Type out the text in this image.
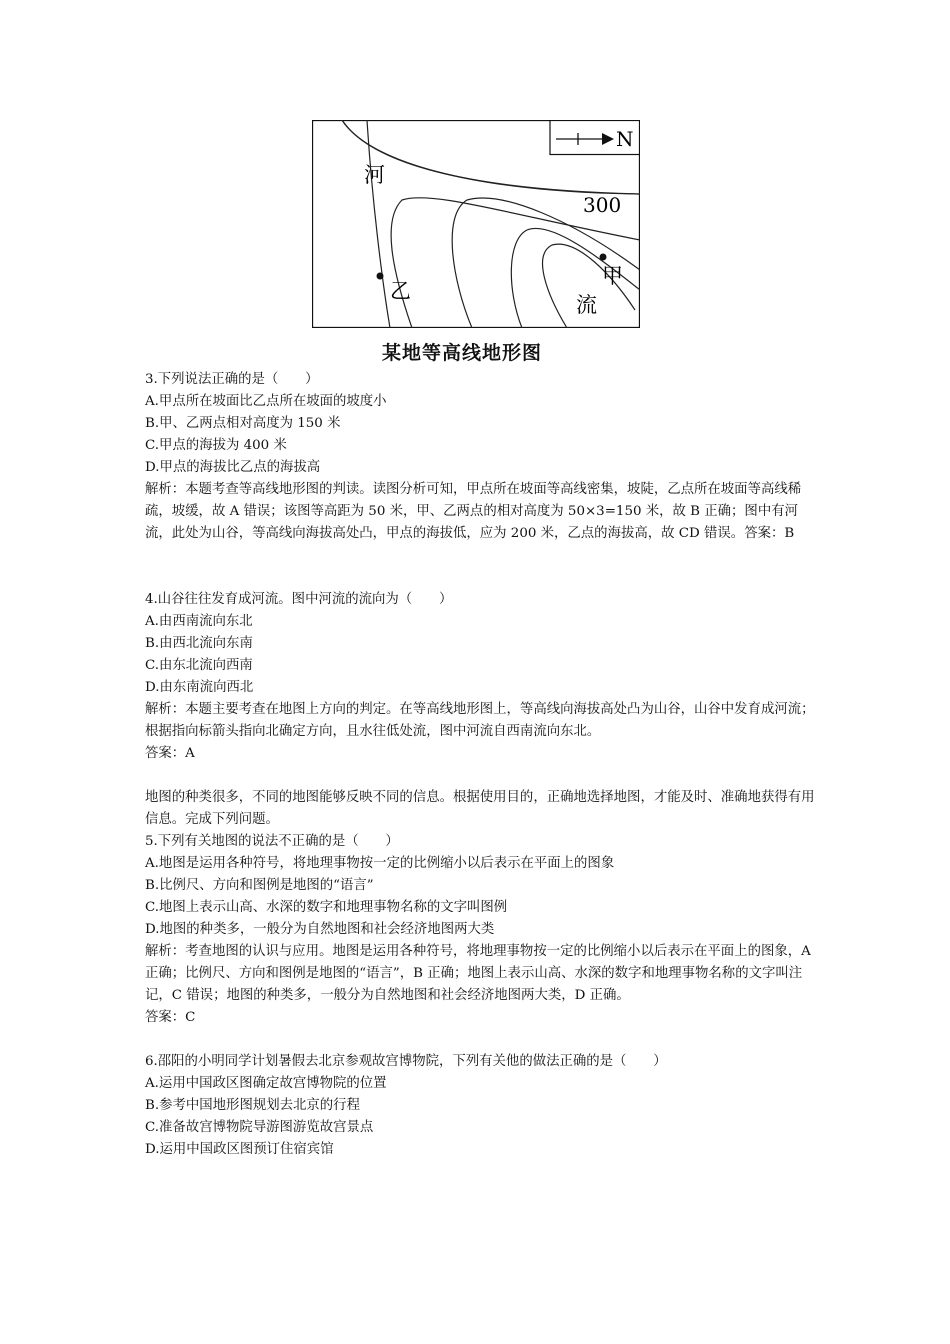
N
河
300
乙
甲
流
某地等高线地形图

3.下列说法正确的是（　　）

A.甲点所在坡面比乙点所在坡面的坡度小

B.甲、乙两点相对高度为 150 米

C.甲点的海拔为 400 米

D.甲点的海拔比乙点的海拔高

解析：本题考查等高线地形图的判读。读图分析可知，甲点所在坡面等高线密集，坡陡，乙点所在坡面等高线稀疏，坡缓，故 A 错误；该图等高距为 50 米，甲、乙两点的相对高度为 50×3=150 米，故 B 正确；图中有河流，此处为山谷，等高线向海拔高处凸，甲点的海拔低，应为 200 米，乙点的海拔高，故 CD 错误。答案：B

4.山谷往往发育成河流。图中河流的流向为（　　）

A.由西南流向东北

B.由西北流向东南

C.由东北流向西南

D.由东南流向西北

解析：本题主要考查在地图上方向的判定。在等高线地形图上，等高线向海拔高处凸为山谷，山谷中发育成河流；根据指向标箭头指向北确定方向，且水往低处流，图中河流自西南流向东北。

答案：A

地图的种类很多，不同的地图能够反映不同的信息。根据使用目的，正确地选择地图，才能及时、准确地获得有用信息。完成下列问题。

5.下列有关地图的说法不正确的是（　　）

A.地图是运用各种符号，将地理事物按一定的比例缩小以后表示在平面上的图象

B.比例尺、方向和图例是地图的“语言”

C.地图上表示山高、水深的数字和地理事物名称的文字叫图例

D.地图的种类多，一般分为自然地图和社会经济地图两大类

解析：考查地图的认识与应用。地图是运用各种符号，将地理事物按一定的比例缩小以后表示在平面上的图象，A 正确；比例尺、方向和图例是地图的“语言”，B 正确；地图上表示山高、水深的数字和地理事物名称的文字叫注记，C 错误；地图的种类多，一般分为自然地图和社会经济地图两大类，D 正确。

答案：C

6.邵阳的小明同学计划暑假去北京参观故宫博物院，下列有关他的做法正确的是（　　）

A.运用中国政区图确定故宫博物院的位置

B.参考中国地形图规划去北京的行程

C.准备故宫博物院导游图游览故宫景点

D.运用中国政区图预订住宿宾馆
